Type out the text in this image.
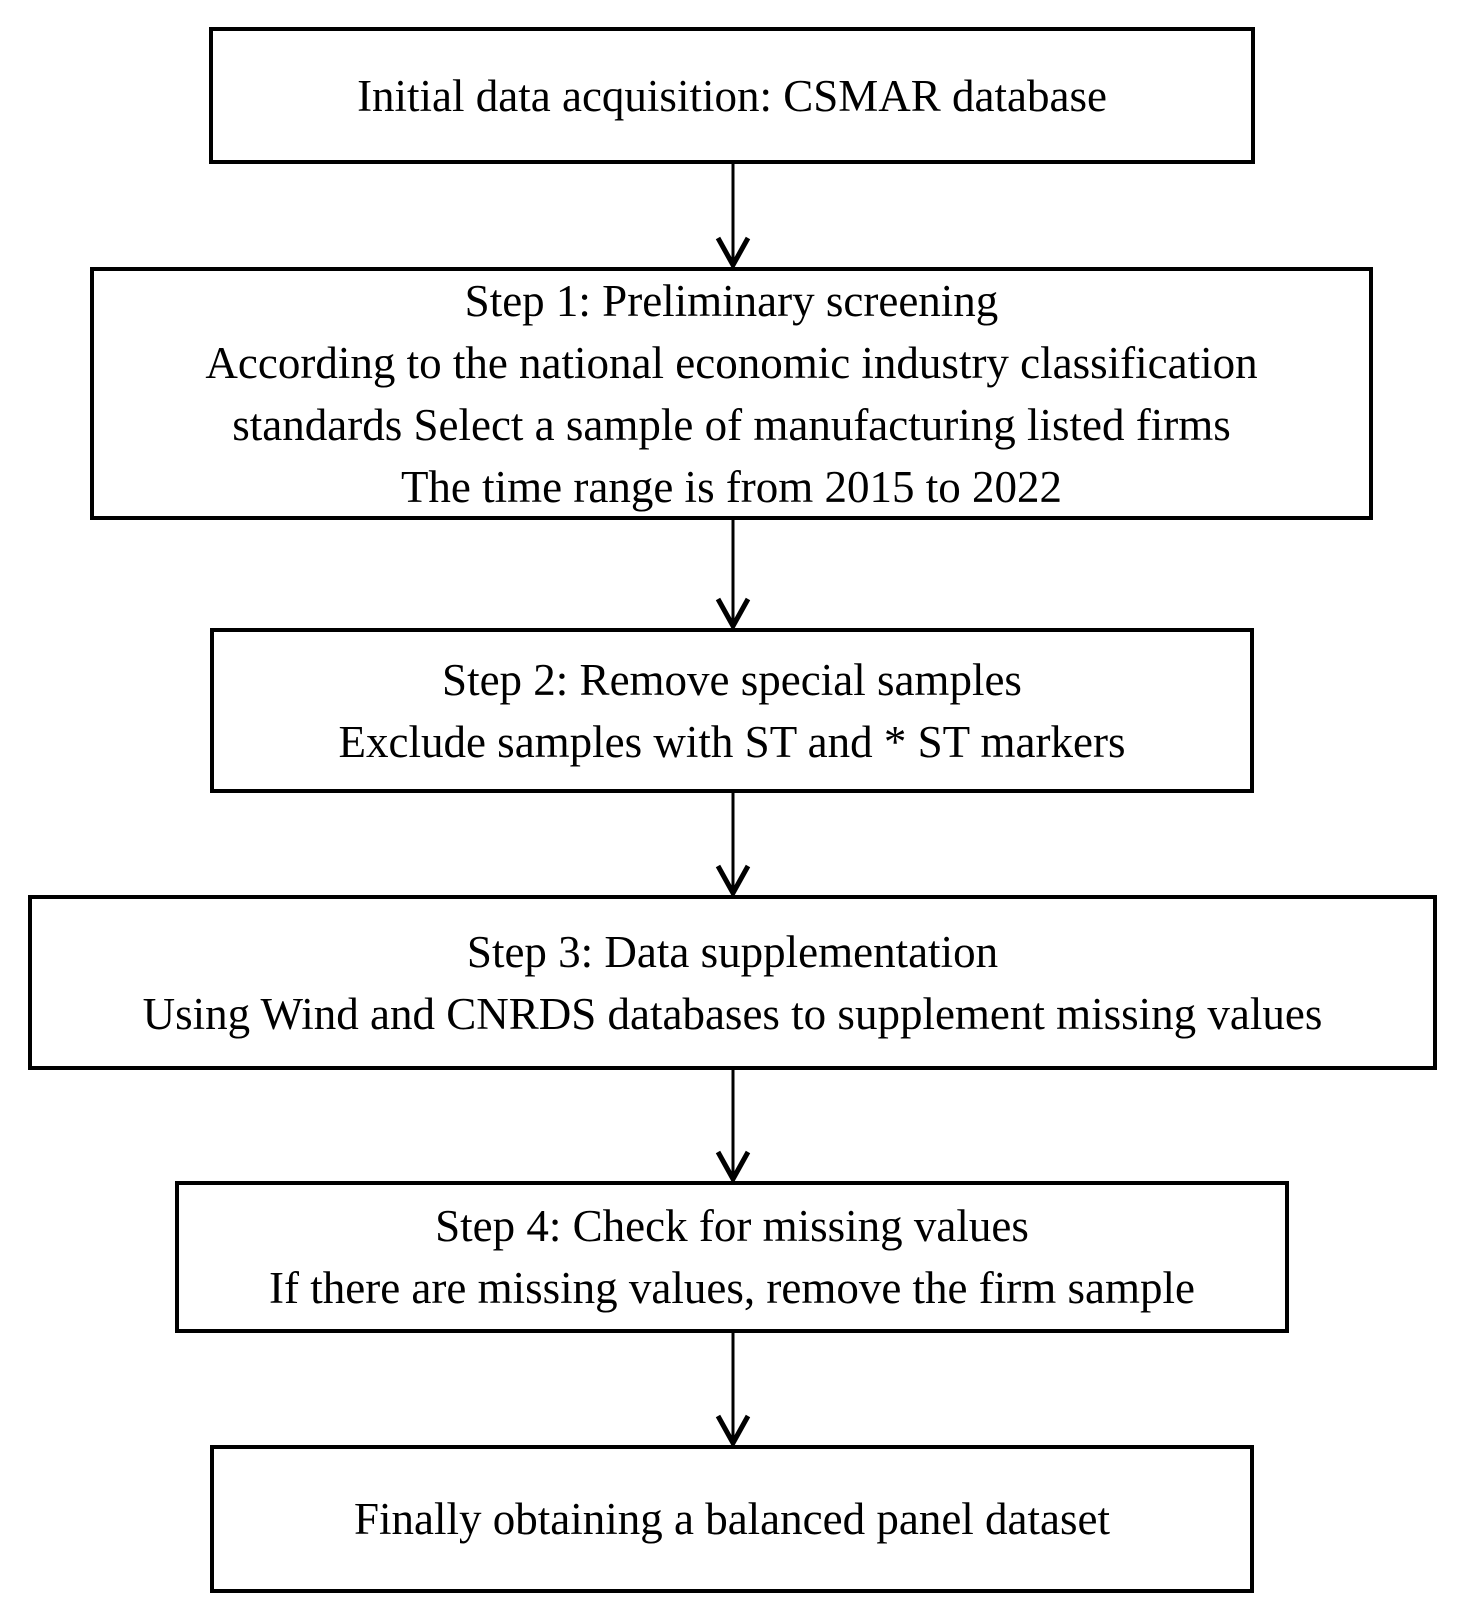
Initial data acquisition: CSMAR database
Step 1: Preliminary screening
According to the national economic industry classification
standards Select a sample of manufacturing listed firms
The time range is from 2015 to 2022
Step 2: Remove special samples
Exclude samples with ST and * ST markers
Step 3: Data supplementation
Using Wind and CNRDS databases to supplement missing values
Step 4: Check for missing values
If there are missing values, remove the firm sample
Finally obtaining a balanced panel dataset
